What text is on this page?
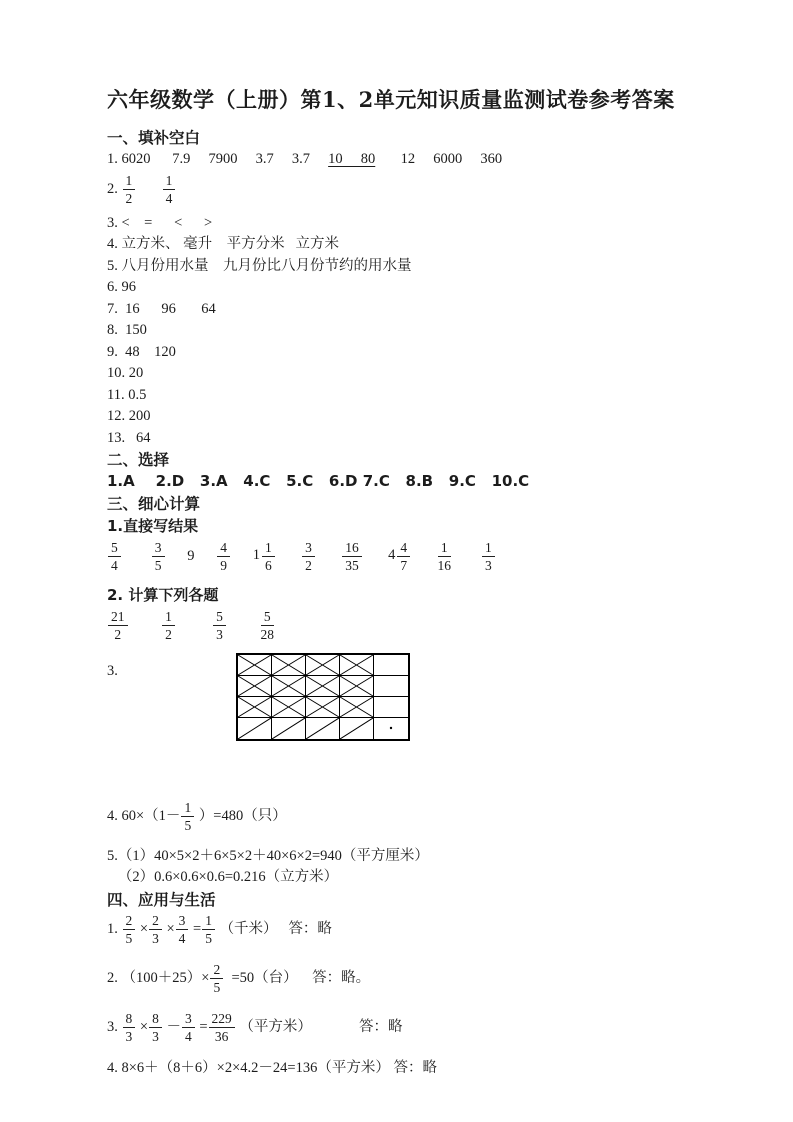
六年级数学（上册）第1、2单元知识质量监测试卷参考答案
一、填补空白
1. 6020      7.9     7900     3.7     3.7     10     80       12     6000     360
2. $\frac{1}{2}$
$\frac{1}{4}$
3. <    =      <      >
4. 立方米、 毫升    平方分米   立方米
5. 八月份用水量    九月份比八月份节约的用水量
6. 96
7.  16      96       64
8.  150
9.  48    120
10. 20
11. 0.5
12. 200
13.   64
二、选择
1.A    2.D   3.A   4.C   5.C   6.D 7.C   8.B   9.C   10.C
三、细心计算
1.直接写结果
$\frac{5}{4}$
$\frac{3}{5} 9 \frac{4}{9} 1 \frac{1}{6}$
$\frac{3}{2}$
$\frac{16}{35} 4 \frac{4}{7}$
$\frac{1}{16}$
$\frac{1}{3}$
2. 计算下列各题
$\frac{21}{2}$
	$\frac{1}{2}$
	$\frac{5}{3}$
	$\frac{5}{28}$
3.
4. $60\times(1- \frac{1}{5} )=480$（只）
5.（1）40×5×2＋6×5×2＋40×6×2=940（平方厘米）
（2）0.6×0.6×0.6=0.216（立方米）
四、应用与生活
1. $\frac{2}{5} \times \frac{2}{3} \times \frac{3}{4} = \frac{1}{5}$ （千米）   答：略
2. $(100+25)\times \frac{2}{5} =50$（台）    答：略。
3. $\frac{8}{3} \times \frac{8}{3} - \frac{3}{4} = \frac{229}{36}$ （平方米）             答：略
4. 8×6＋（8＋6）×2×4.2－24=136（平方米） 答：略
